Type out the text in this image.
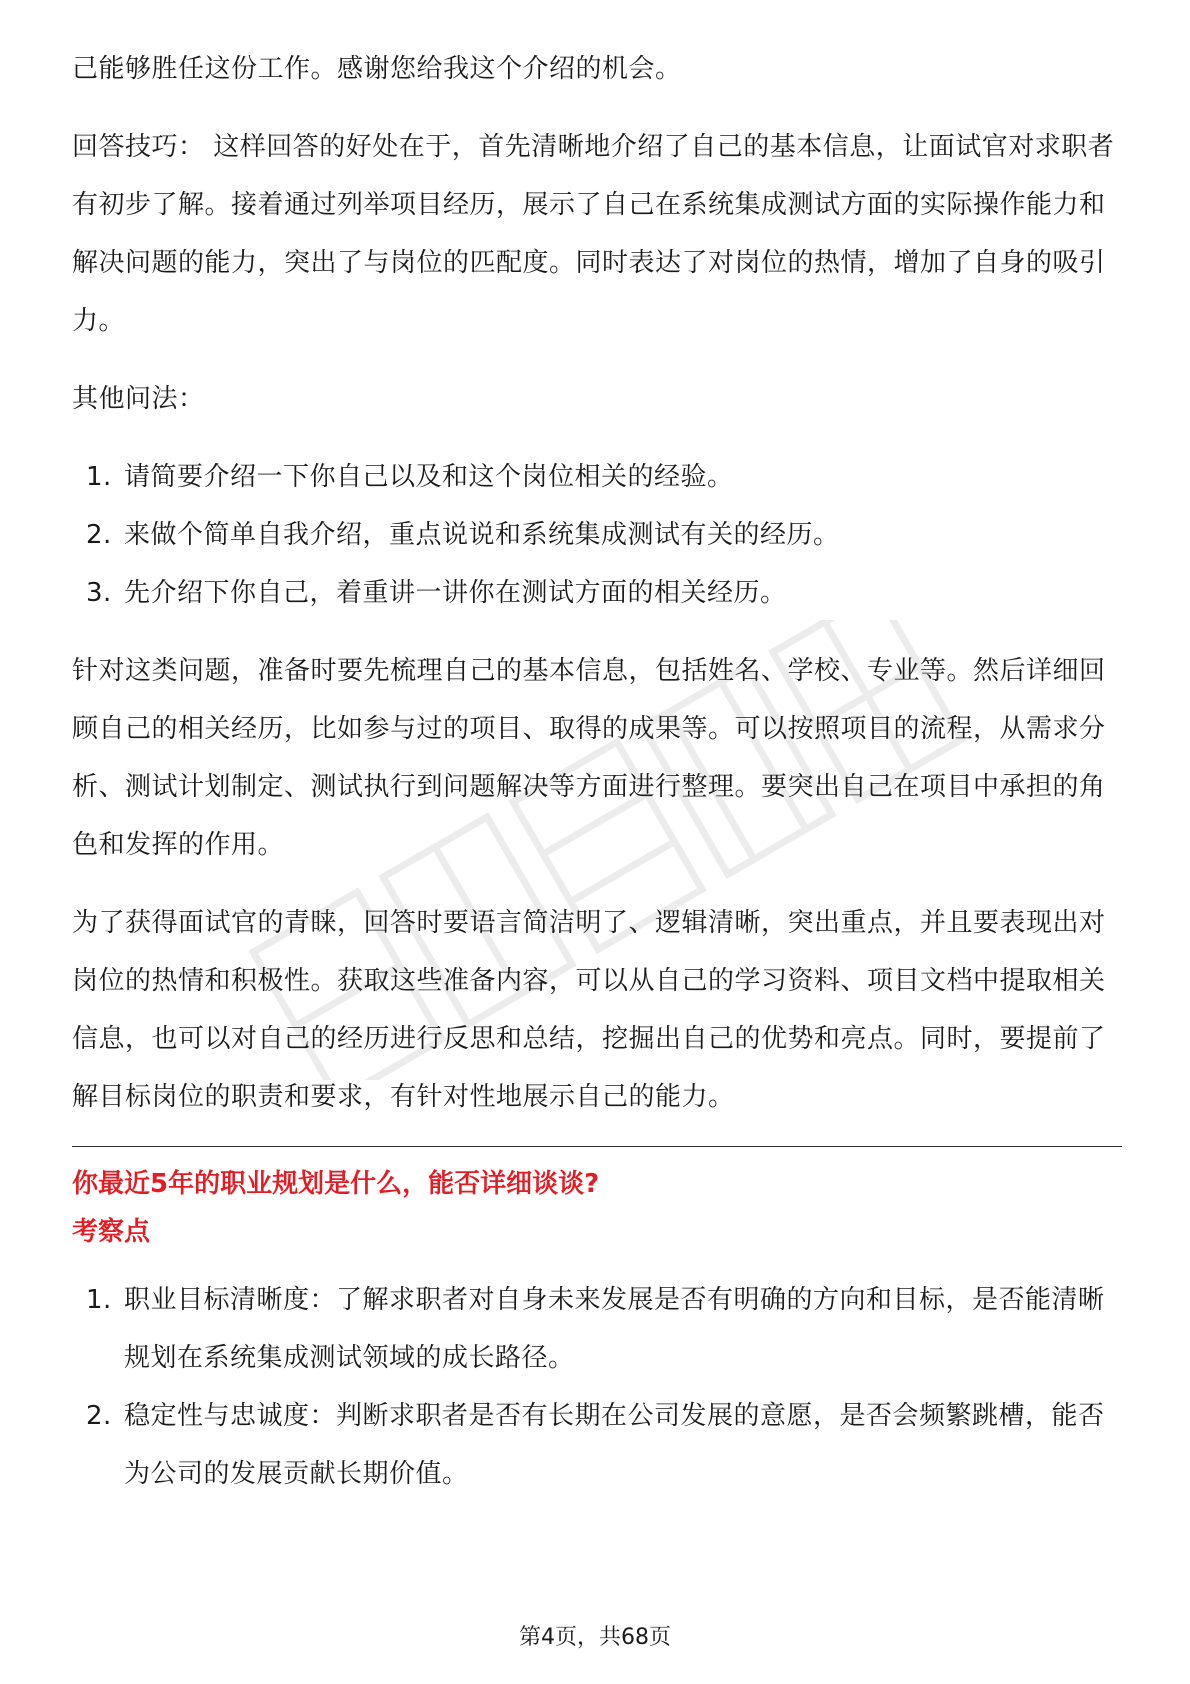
己能够胜任这份工作。感谢您给我这个介绍的机会。

回答技巧： 这样回答的好处在于，首先清晰地介绍了自己的基本信息，让面试官对求职者有初步了解。接着通过列举项目经历，展示了自己在系统集成测试方面的实际操作能力和解决问题的能力，突出了与岗位的匹配度。同时表达了对岗位的热情，增加了自身的吸引力。

其他问法：

1. 请简要介绍一下你自己以及和这个岗位相关的经验。
2. 来做个简单自我介绍，重点说说和系统集成测试有关的经历。
3. 先介绍下你自己，着重讲一讲你在测试方面的相关经历。

针对这类问题，准备时要先梳理自己的基本信息，包括姓名、学校、专业等。然后详细回顾自己的相关经历，比如参与过的项目、取得的成果等。可以按照项目的流程，从需求分析、测试计划制定、测试执行到问题解决等方面进行整理。要突出自己在项目中承担的角色和发挥的作用。

为了获得面试官的青睐，回答时要语言简洁明了、逻辑清晰，突出重点，并且要表现出对岗位的热情和积极性。获取这些准备内容，可以从自己的学习资料、项目文档中提取相关信息，也可以对自己的经历进行反思和总结，挖掘出自己的优势和亮点。同时，要提前了解目标岗位的职责和要求，有针对性地展示自己的能力。

你最近5年的职业规划是什么，能否详细谈谈?
考察点
1. 职业目标清晰度：了解求职者对自身未来发展是否有明确的方向和目标，是否能清晰规划在系统集成测试领域的成长路径。
2. 稳定性与忠诚度：判断求职者是否有长期在公司发展的意愿，是否会频繁跳槽，能否为公司的发展贡献长期价值。
第4页，共68页
